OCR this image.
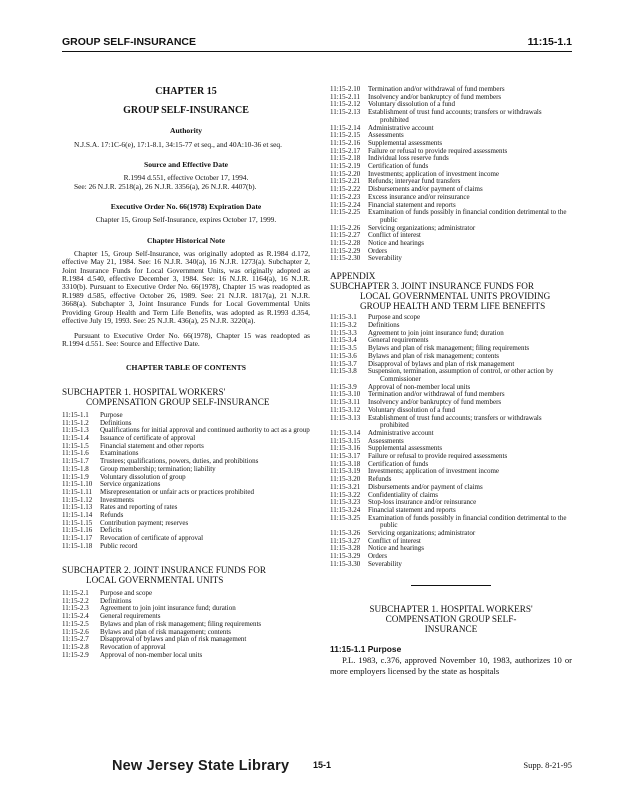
GROUP SELF-INSURANCE	11:15-1.1
CHAPTER 15
GROUP SELF-INSURANCE
Authority
N.J.S.A. 17:1C-6(e), 17:1-8.1, 34:15-77 et seq., and 40A:10-36 et seq.
Source and Effective Date
R.1994 d.551, effective October 17, 1994.
See: 26 N.J.R. 2518(a), 26 N.J.R. 3356(a), 26 N.J.R. 4407(b).
Executive Order No. 66(1978) Expiration Date
Chapter 15, Group Self-Insurance, expires October 17, 1999.
Chapter Historical Note
Chapter 15, Group Self-Insurance, was originally adopted as R.1984 d.172, effective May 21, 1984. See: 16 N.J.R. 340(a), 16 N.J.R. 1273(a). Subchapter 2, Joint Insurance Funds for Local Government Units, was originally adopted as R.1984 d.540, effective December 3, 1984. See: 16 N.J.R. 1164(a), 16 N.J.R. 3310(b). Pursuant to Executive Order No. 66(1978), Chapter 15 was readopted as R.1989 d.585, effective October 26, 1989. See: 21 N.J.R. 1817(a), 21 N.J.R. 3668(a). Subchapter 3, Joint Insurance Funds for Local Governmental Units Providing Group Health and Term Life Benefits, was adopted as R.1993 d.354, effective July 19, 1993. See: 25 N.J.R. 436(a), 25 N.J.R. 3220(a).
Pursuant to Executive Order No. 66(1978), Chapter 15 was readopted as R.1994 d.551. See: Source and Effective Date.
CHAPTER TABLE OF CONTENTS
SUBCHAPTER 1. HOSPITAL WORKERS'
COMPENSATION GROUP SELF-INSURANCE
11:15-1.1	Purpose
11:15-1.2	Definitions
11:15-1.3	Qualifications for initial approval and continued authority to act as a group
11:15-1.4	Issuance of certificate of approval
11:15-1.5	Financial statement and other reports
11:15-1.6	Examinations
11:15-1.7	Trustees; qualifications, powers, duties, and prohibitions
11:15-1.8	Group membership; termination; liability
11:15-1.9	Voluntary dissolution of group
11:15-1.10	Service organizations
11:15-1.11	Misrepresentation or unfair acts or practices prohibited
11:15-1.12	Investments
11:15-1.13	Rates and reporting of rates
11:15-1.14	Refunds
11:15-1.15	Contribution payment; reserves
11:15-1.16	Deficits
11:15-1.17	Revocation of certificate of approval
11:15-1.18	Public record
SUBCHAPTER 2. JOINT INSURANCE FUNDS FOR
LOCAL GOVERNMENTAL UNITS
11:15-2.1	Purpose and scope
11:15-2.2	Definitions
11:15-2.3	Agreement to join joint insurance fund; duration
11:15-2.4	General requirements
11:15-2.5	Bylaws and plan of risk management; filing requirements
11:15-2.6	Bylaws and plan of risk management; contents
11:15-2.7	Disapproval of bylaws and plan of risk management
11:15-2.8	Revocation of approval
11:15-2.9	Approval of non-member local units
11:15-2.10	Termination and/or withdrawal of fund members
11:15-2.11	Insolvency and/or bankruptcy of fund members
11:15-2.12	Voluntary dissolution of a fund
11:15-2.13	Establishment of trust fund accounts; transfers or withdrawals prohibited
11:15-2.14	Administrative account
11:15-2.15	Assessments
11:15-2.16	Supplemental assessments
11:15-2.17	Failure or refusal to provide required assessments
11:15-2.18	Individual loss reserve funds
11:15-2.19	Certification of funds
11:15-2.20	Investments; application of investment income
11:15-2.21	Refunds; interyear fund transfers
11:15-2.22	Disbursements and/or payment of claims
11:15-2.23	Excess insurance and/or reinsurance
11:15-2.24	Financial statement and reports
11:15-2.25	Examination of funds possibly in financial condition detrimental to the public
11:15-2.26	Servicing organizations; administrator
11:15-2.27	Conflict of interest
11:15-2.28	Notice and hearings
11:15-2.29	Orders
11:15-2.30	Severability
APPENDIX
SUBCHAPTER 3. JOINT INSURANCE FUNDS FOR
LOCAL GOVERNMENTAL UNITS PROVIDING
GROUP HEALTH AND TERM LIFE BENEFITS
11:15-3.1	Purpose and scope
11:15-3.2	Definitions
11:15-3.3	Agreement to join joint insurance fund; duration
11:15-3.4	General requirements
11:15-3.5	Bylaws and plan of risk management; filing requirements
11:15-3.6	Bylaws and plan of risk management; contents
11:15-3.7	Disapproval of bylaws and plan of risk management
11:15-3.8	Suspension, termination, assumption of control, or other action by Commissioner
11:15-3.9	Approval of non-member local units
11:15-3.10	Termination and/or withdrawal of fund members
11:15-3.11	Insolvency and/or bankruptcy of fund members
11:15-3.12	Voluntary dissolution of a fund
11:15-3.13	Establishment of trust fund accounts; transfers or withdrawals prohibited
11:15-3.14	Administrative account
11:15-3.15	Assessments
11:15-3.16	Supplemental assessments
11:15-3.17	Failure or refusal to provide required assessments
11:15-3.18	Certification of funds
11:15-3.19	Investments; application of investment income
11:15-3.20	Refunds
11:15-3.21	Disbursements and/or payment of claims
11:15-3.22	Confidentiality of claims
11:15-3.23	Stop-loss insurance and/or reinsurance
11:15-3.24	Financial statement and reports
11:15-3.25	Examination of funds possibly in financial condition detrimental to the public
11:15-3.26	Servicing organizations; administrator
11:15-3.27	Conflict of interest
11:15-3.28	Notice and hearings
11:15-3.29	Orders
11:15-3.30	Severability
SUBCHAPTER 1. HOSPITAL WORKERS'
COMPENSATION GROUP SELF-
INSURANCE
11:15-1.1 Purpose
P.L. 1983, c.376, approved November 10, 1983, authorizes 10 or more employers licensed by the state as hospitals
New Jersey State Library	15-1	Supp. 8-21-95
